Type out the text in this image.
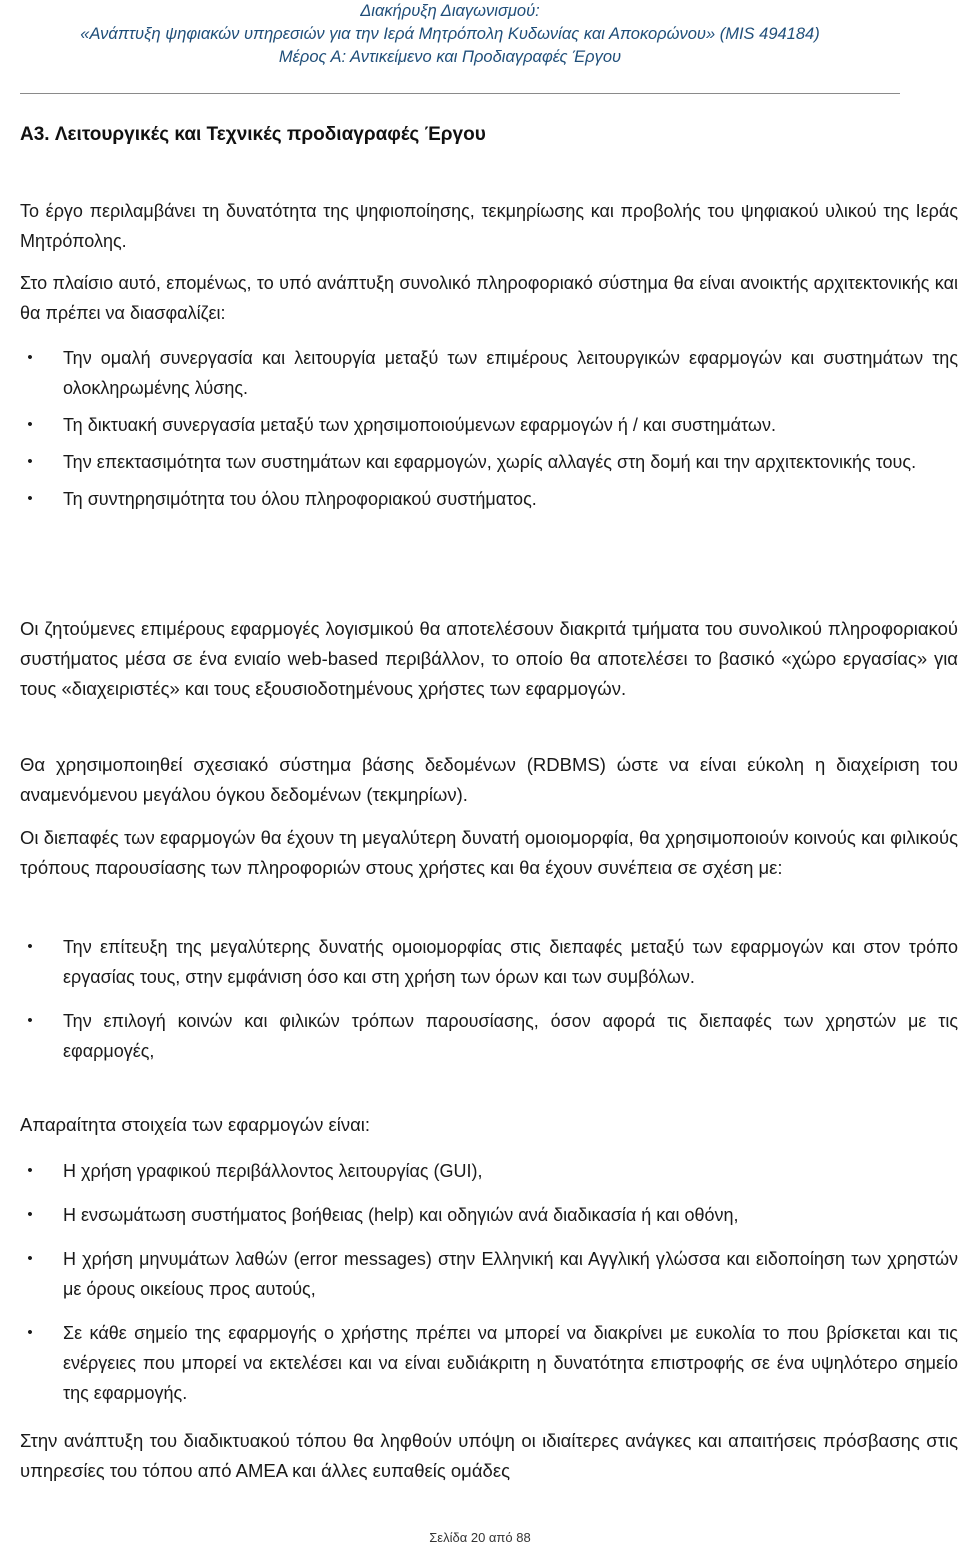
Διακήρυξη Διαγωνισμού:
«Ανάπτυξη ψηφιακών υπηρεσιών για την Ιερά Μητρόπολη Κυδωνίας και Αποκορώνου» (MIS 494184)
Μέρος Α: Αντικείμενο και Προδιαγραφές Έργου
A3. Λειτουργικές και Τεχνικές προδιαγραφές Έργου
Το έργο περιλαμβάνει τη δυνατότητα της ψηφιοποίησης, τεκμηρίωσης και προβολής του ψηφιακού υλικού της Ιεράς Μητρόπολης.
Στο πλαίσιο αυτό, επομένως, το υπό ανάπτυξη συνολικό πληροφοριακό σύστημα θα είναι ανοικτής αρχιτεκτονικής και θα πρέπει να διασφαλίζει:
• Την ομαλή συνεργασία και λειτουργία μεταξύ των επιμέρους λειτουργικών εφαρμογών και συστημάτων της ολοκληρωμένης λύσης.
• Τη δικτυακή συνεργασία μεταξύ των χρησιμοποιούμενων εφαρμογών ή / και συστημάτων.
• Την επεκτασιμότητα των συστημάτων και εφαρμογών, χωρίς αλλαγές στη δομή και την αρχιτεκτονικής τους.
• Τη συντηρησιμότητα του όλου πληροφοριακού συστήματος.
Οι ζητούμενες επιμέρους εφαρμογές λογισμικού θα αποτελέσουν διακριτά τμήματα του συνολικού πληροφοριακού συστήματος μέσα σε ένα ενιαίο web-based περιβάλλον, το οποίο θα αποτελέσει το βασικό «χώρο εργασίας» για τους «διαχειριστές» και τους εξουσιοδοτημένους χρήστες των εφαρμογών.
Θα χρησιμοποιηθεί σχεσιακό σύστημα βάσης δεδομένων (RDBMS) ώστε να είναι εύκολη η διαχείριση του αναμενόμενου μεγάλου όγκου δεδομένων (τεκμηρίων).
Οι διεπαφές των εφαρμογών θα έχουν τη μεγαλύτερη δυνατή ομοιομορφία, θα χρησιμοποιούν κοινούς και φιλικούς τρόπους παρουσίασης των πληροφοριών στους χρήστες και θα έχουν συνέπεια σε σχέση με:
• Την επίτευξη της μεγαλύτερης δυνατής ομοιομορφίας στις διεπαφές μεταξύ των εφαρμογών και στον τρόπο εργασίας τους, στην εμφάνιση όσο και στη χρήση των όρων και των συμβόλων.
• Την επιλογή κοινών και φιλικών τρόπων παρουσίασης, όσον αφορά τις διεπαφές των χρηστών με τις εφαρμογές,
Απαραίτητα στοιχεία των εφαρμογών είναι:
• Η χρήση γραφικού περιβάλλοντος λειτουργίας (GUI),
• Η ενσωμάτωση συστήματος βοήθειας (help) και οδηγιών ανά διαδικασία ή και οθόνη,
• Η χρήση μηνυμάτων λαθών (error messages) στην Ελληνική και Αγγλική γλώσσα και ειδοποίηση των χρηστών με όρους οικείους προς αυτούς,
• Σε κάθε σημείο της εφαρμογής ο χρήστης πρέπει να μπορεί να διακρίνει με ευκολία το που βρίσκεται και τις ενέργειες που μπορεί να εκτελέσει και να είναι ευδιάκριτη η δυνατότητα επιστροφής σε ένα υψηλότερο σημείο της εφαρμογής.
Στην ανάπτυξη του διαδικτυακού τόπου θα ληφθούν υπόψη οι ιδιαίτερες ανάγκες και απαιτήσεις πρόσβασης στις υπηρεσίες του τόπου από ΑΜΕΑ και άλλες ευπαθείς ομάδες
Σελίδα 20 από 88
